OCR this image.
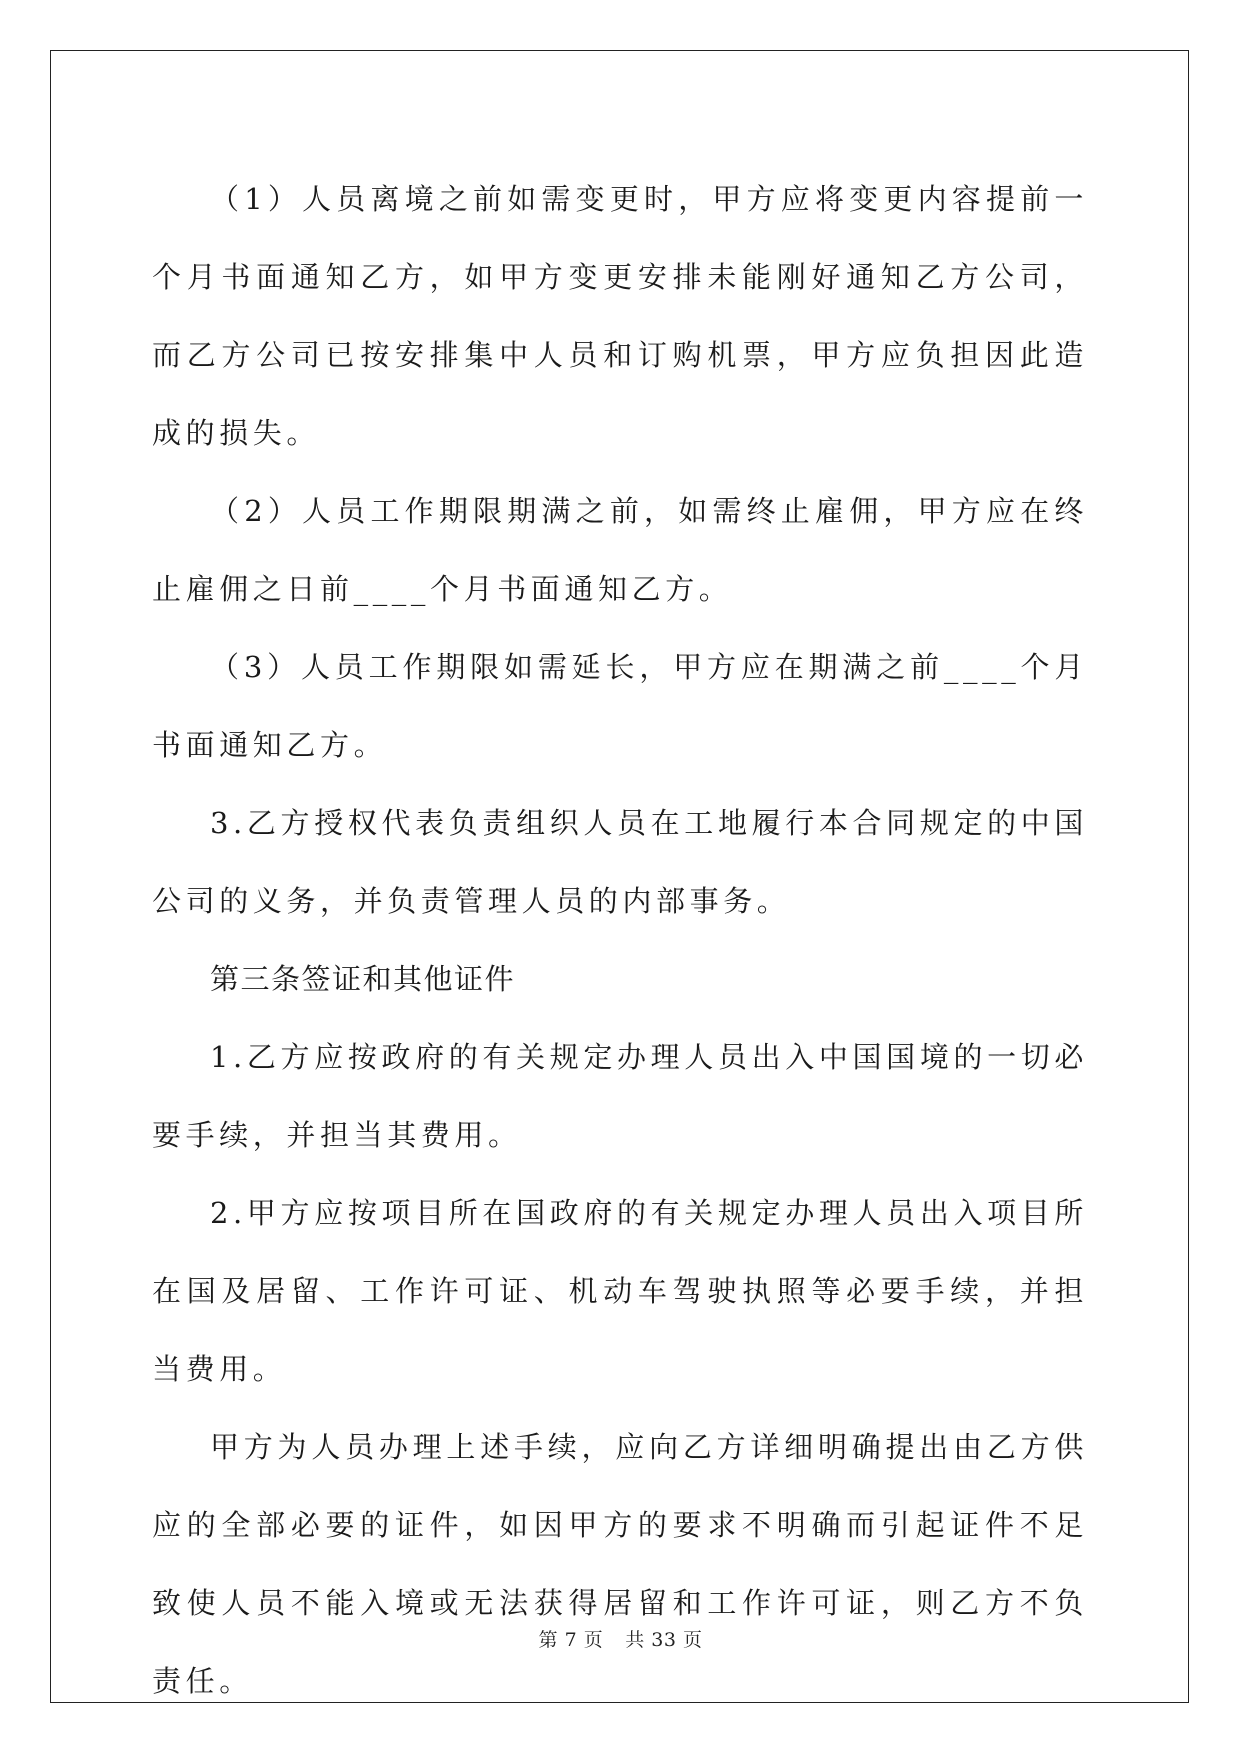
（1）人员离境之前如需变更时，甲方应将变更内容提前一个月书面通知乙方，如甲方变更安排未能刚好通知乙方公司，而乙方公司已按安排集中人员和订购机票，甲方应负担因此造成的损失。

（2）人员工作期限期满之前，如需终止雇佣，甲方应在终止雇佣之日前____个月书面通知乙方。

（3）人员工作期限如需延长，甲方应在期满之前____个月书面通知乙方。

3.乙方授权代表负责组织人员在工地履行本合同规定的中国公司的义务，并负责管理人员的内部事务。

第三条签证和其他证件

1.乙方应按政府的有关规定办理人员出入中国国境的一切必要手续，并担当其费用。

2.甲方应按项目所在国政府的有关规定办理人员出入项目所在国及居留、工作许可证、机动车驾驶执照等必要手续，并担当费用。

甲方为人员办理上述手续，应向乙方详细明确提出由乙方供应的全部必要的证件，如因甲方的要求不明确而引起证件不足致使人员不能入境或无法获得居留和工作许可证，则乙方不负责任。

第 7 页 共 33 页
